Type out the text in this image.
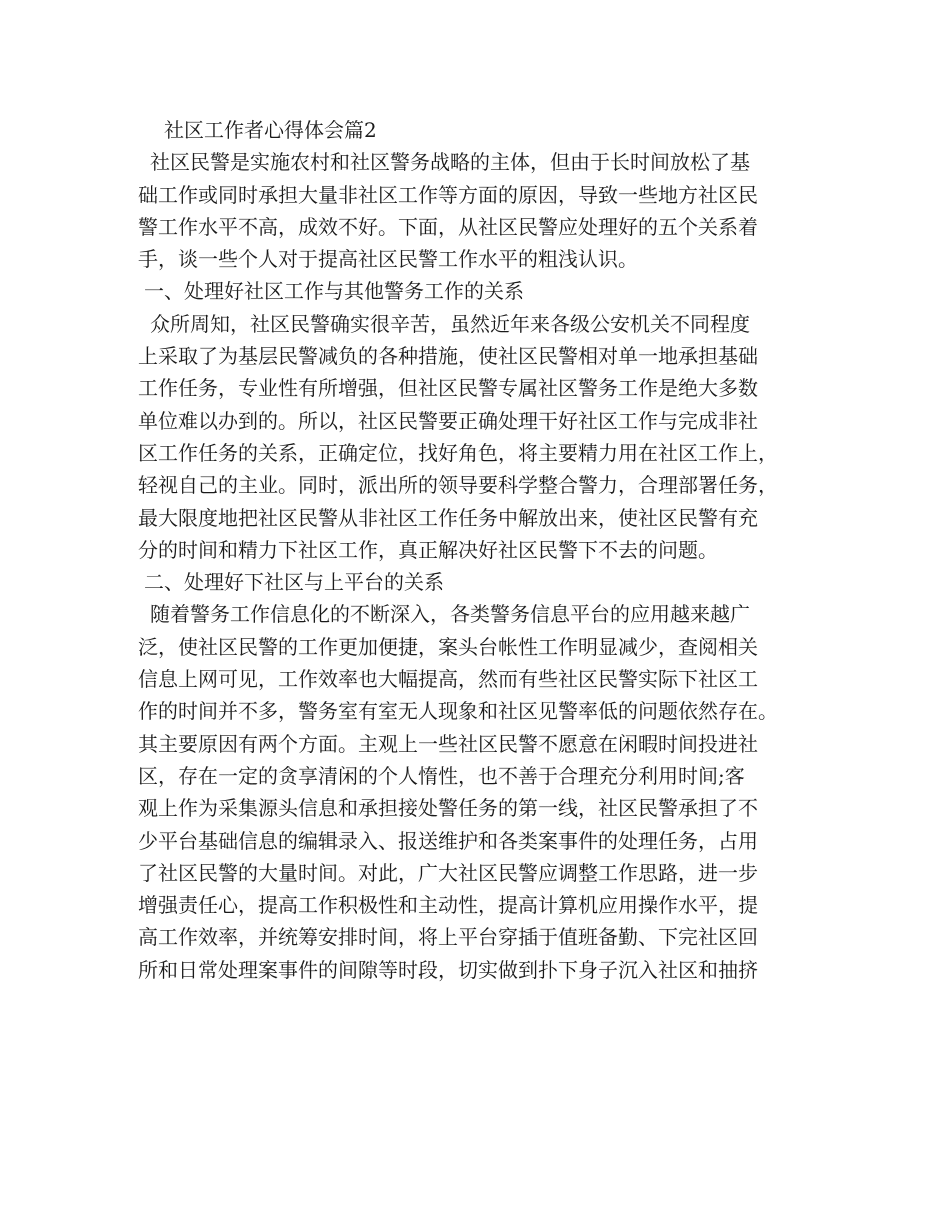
社区工作者心得体会篇2
社区民警是实施农村和社区警务战略的主体，但由于长时间放松了基
础工作或同时承担大量非社区工作等方面的原因，导致一些地方社区民
警工作水平不高，成效不好。下面，从社区民警应处理好的五个关系着
手，谈一些个人对于提高社区民警工作水平的粗浅认识。
一、处理好社区工作与其他警务工作的关系
众所周知，社区民警确实很辛苦，虽然近年来各级公安机关不同程度
上采取了为基层民警减负的各种措施，使社区民警相对单一地承担基础
工作任务，专业性有所增强，但社区民警专属社区警务工作是绝大多数
单位难以办到的。所以，社区民警要正确处理干好社区工作与完成非社
区工作任务的关系，正确定位，找好角色，将主要精力用在社区工作上，
轻视自己的主业。同时，派出所的领导要科学整合警力，合理部署任务，
最大限度地把社区民警从非社区工作任务中解放出来，使社区民警有充
分的时间和精力下社区工作，真正解决好社区民警下不去的问题。
二、处理好下社区与上平台的关系
随着警务工作信息化的不断深入，各类警务信息平台的应用越来越广
泛，使社区民警的工作更加便捷，案头台帐性工作明显减少，查阅相关
信息上网可见，工作效率也大幅提高，然而有些社区民警实际下社区工
作的时间并不多，警务室有室无人现象和社区见警率低的问题依然存在。
其主要原因有两个方面。主观上一些社区民警不愿意在闲暇时间投进社
区，存在一定的贪享清闲的个人惰性，也不善于合理充分利用时间;客
观上作为采集源头信息和承担接处警任务的第一线，社区民警承担了不
少平台基础信息的编辑录入、报送维护和各类案事件的处理任务，占用
了社区民警的大量时间。对此，广大社区民警应调整工作思路，进一步
增强责任心，提高工作积极性和主动性，提高计算机应用操作水平，提
高工作效率，并统筹安排时间，将上平台穿插于值班备勤、下完社区回
所和日常处理案事件的间隙等时段，切实做到扑下身子沉入社区和抽挤
